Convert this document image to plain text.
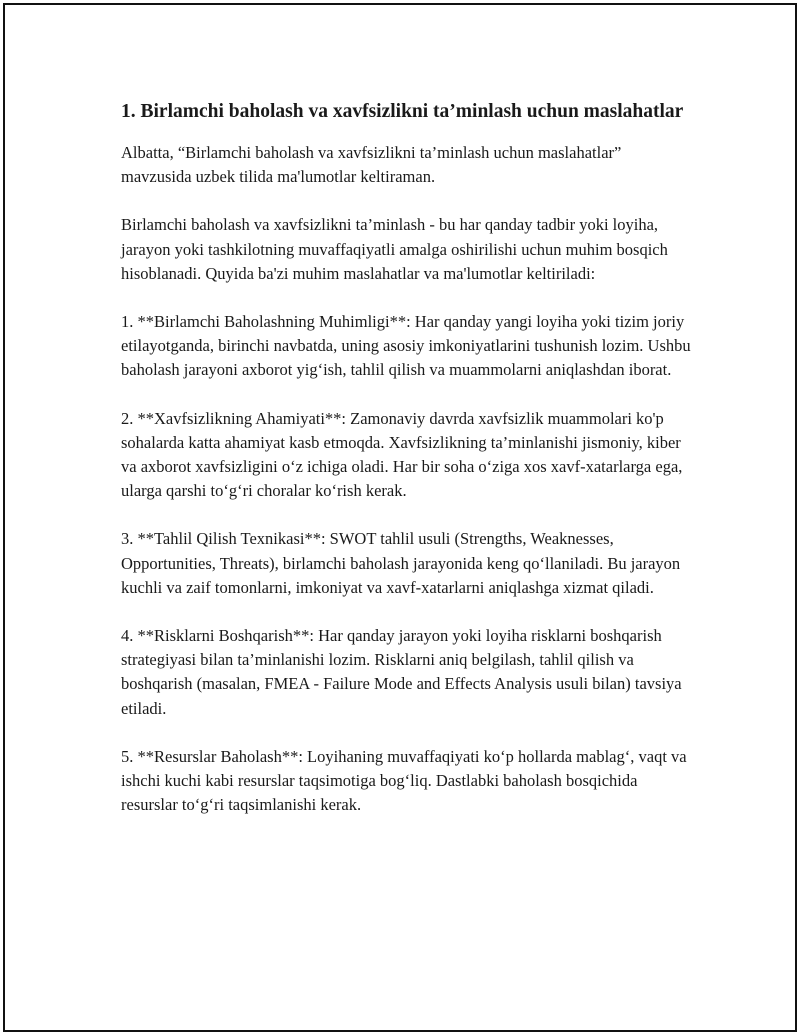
1. Birlamchi baholash va xavfsizlikni ta’minlash uchun maslahatlar

Albatta, “Birlamchi baholash va xavfsizlikni ta’minlash uchun maslahatlar” mavzusida uzbek tilida ma'lumotlar keltiraman.

Birlamchi baholash va xavfsizlikni ta’minlash - bu har qanday tadbir yoki loyiha, jarayon yoki tashkilotning muvaffaqiyatli amalga oshirilishi uchun muhim bosqich hisoblanadi. Quyida ba'zi muhim maslahatlar va ma'lumotlar keltiriladi:

1. **Birlamchi Baholashning Muhimligi**: Har qanday yangi loyiha yoki tizim joriy etilayotganda, birinchi navbatda, uning asosiy imkoniyatlarini tushunish lozim. Ushbu baholash jarayoni axborot yig‘ish, tahlil qilish va muammolarni aniqlashdan iborat.

2. **Xavfsizlikning Ahamiyati**: Zamonaviy davrda xavfsizlik muammolari ko'p sohalarda katta ahamiyat kasb etmoqda. Xavfsizlikning ta’minlanishi jismoniy, kiber va axborot xavfsizligini o‘z ichiga oladi. Har bir soha o‘ziga xos xavf-xatarlarga ega, ularga qarshi to‘g‘ri choralar ko‘rish kerak.

3. **Tahlil Qilish Texnikasi**: SWOT tahlil usuli (Strengths, Weaknesses, Opportunities, Threats), birlamchi baholash jarayonida keng qo‘llaniladi. Bu jarayon kuchli va zaif tomonlarni, imkoniyat va xavf-xatarlarni aniqlashga xizmat qiladi.

4. **Risklarni Boshqarish**: Har qanday jarayon yoki loyiha risklarni boshqarish strategiyasi bilan ta’minlanishi lozim. Risklarni aniq belgilash, tahlil qilish va boshqarish (masalan, FMEA - Failure Mode and Effects Analysis usuli bilan) tavsiya etiladi.

5. **Resurslar Baholash**: Loyihaning muvaffaqiyati ko‘p hollarda mablag‘, vaqt va ishchi kuchi kabi resurslar taqsimotiga bog‘liq. Dastlabki baholash bosqichida resurslar to‘g‘ri taqsimlanishi kerak.
